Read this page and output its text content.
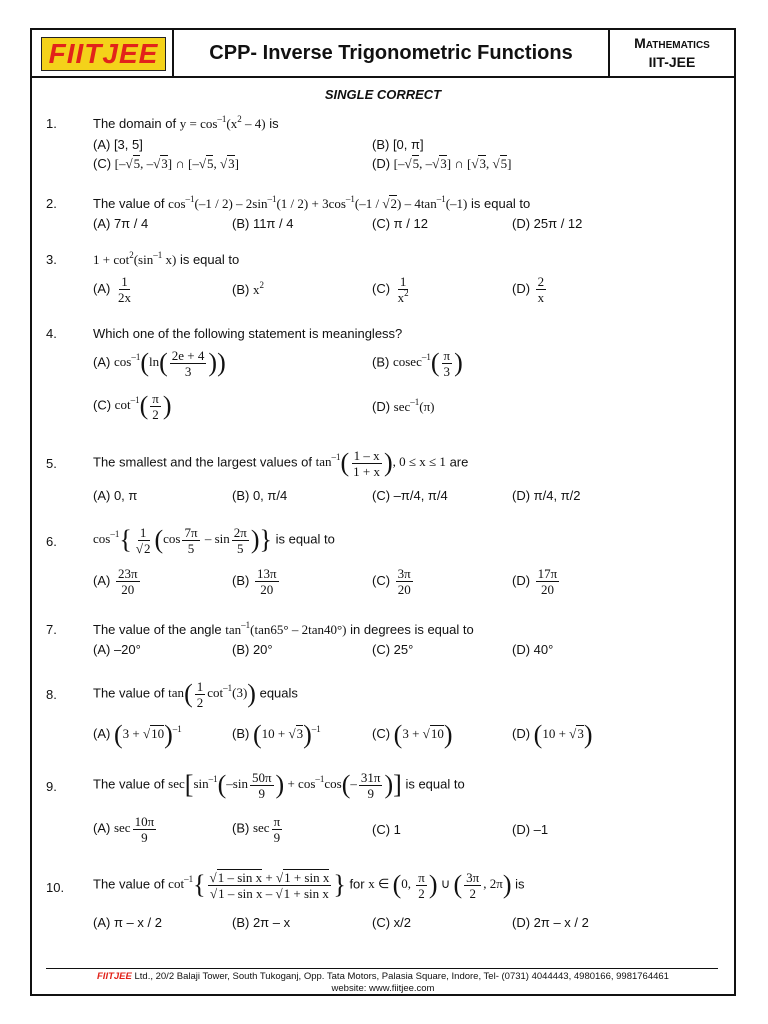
FIITJEE	CPP- Inverse Trigonometric Functions	Mathematics
IIT-JEE
SINGLE CORRECT
1.	The domain of $y = \cos^{-1}(x^2 - 4)$ is
(A) [3, 5]	(B) [0, π]
(C) [–√5, –√3] ∩ [–√5, √3]	(D) [–√5, –√3] ∩ [√3, √5]
2.	The value of $\cos^{-1}(-1 / 2) - 2\sin^{-1}(1 / 2) + 3\cos^{-1}(-1 / √2) - 4\tan^{-1}(-1)$ is equal to
(A) 7π / 4	(B) 11π / 4	(C) π / 12	(D) 25π / 12
3.	$1 + \cot^2(\sin^{-1}$ x) is equal to
$(A) \frac{1}{2x}$	(B) $x^2$	$(C) \frac{1}{x^2}$	$(D) \frac{2}{x}$
4.	Which one of the following statement is meaningless?
(A) $\cos^{-1}(\ln( \frac{2e + 4}{3}$ ))	(B) $cosec^{-1}( \frac{\pi}{3}$ )
(C) $\cot^{-1}( \frac{\pi}{2}$ )	(D) $\sec^{-1}(\pi)$
5.	The smallest and the largest values of $\tan^{-1}( \frac{1 - x}{1 + x}$ ), 0 ≤ x ≤ 1 are
(A) 0, π	(B) 0, π/4	(C) –π/4, π/4	(D) π/4, π/2
6.	$\cos^{-1}\{ \frac{1}{√2} (\cos \frac{7\pi}{5}$ – $\sin \frac{2\pi}{5}$ )} is equal to
$(A) \frac{23\pi}{20}$	$(B) \frac{13\pi}{20}$	$(C) \frac{3\pi}{20}$	$(D) \frac{17\pi}{20}$
7.	The value of the angle $\tan^{-1}(\tan 65^\circ - 2\tan 40^\circ)$ in degrees is equal to
(A) –20°	(B) 20°	(C) 25°	(D) 40°
8.	The value of $\tan( \frac{1}{2} \cot^{-1}(3))$ equals
(A) $(3 + √10)^{-1}$	(B) $(10 + √3)^{-1}$	(C) (3 + √10)	(D) (10 + √3)
9.	The value of $\sec[\sin^{-1}(-\sin \frac{50\pi}{9}$ ) + $\cos^{-1}\cos(- \frac{31\pi}{9}$ )] is equal to
(A) $\sec \frac{10\pi}{9}$	(B) $\sec \frac{\pi}{9}$	(C) 1	(D) –1
10. The value of $\cot^{-1}\{ \frac{\text{√1 – sin x + √1 + sin x}}{\text{√1 – sin x – √1 + sin x}}$ } for x ∈ (0, $\frac{\pi}{2}$ ) ∪ ( $\frac{3\pi}{2}$ , 2π) is
(A) π – x / 2	(B) 2π – x	(C) x/2	(D) 2π – x / 2
FIITJEE Ltd., 20/2 Balaji Tower, South Tukoganj, Opp. Tata Motors, Palasia Square, Indore, Tel- (0731) 4044443, 4980166, 9981764461
website: www.fiitjee.com
